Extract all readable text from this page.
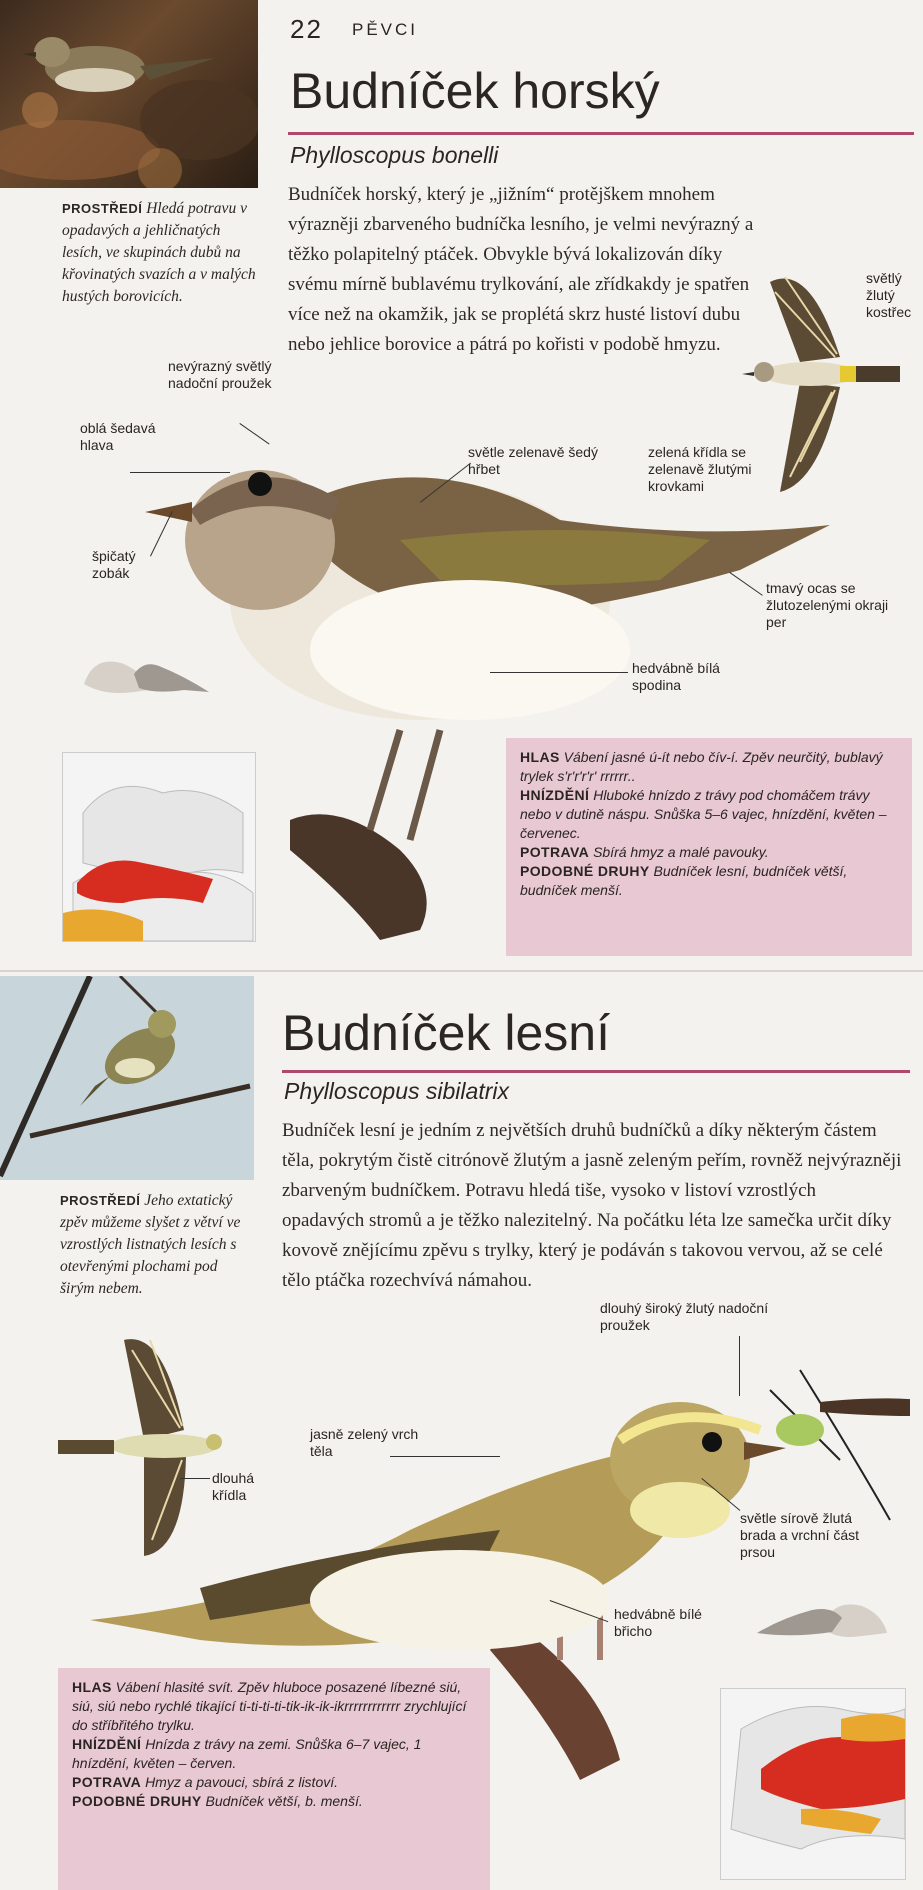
22 PĚVCI
Budníček horský
Phylloscopus bonelli
PROSTŘEDÍ Hledá potravu v opadavých a jehličnatých lesích, ve skupinách dubů na křovinatých svazích a v malých hustých borovicích.
Budníček horský, který je „jižním“ protějškem mnohem výrazněji zbarveného budníčka lesního, je velmi nevýrazný a těžko polapitelný ptáček. Obvykle bývá lokalizován díky svému mírně bublavému trylkování, ale zřídkakdy je spatřen více než na okamžik, jak se proplétá skrz husté listoví dubu nebo jehlice borovice a pátrá po kořisti v podobě hmyzu.
nevýrazný světlý nadoční proužek
oblá šedavá hlava
špičatý zobák
světle zelenavě šedý hřbet
zelená křídla se zelenavě žlutými krovkami
světlý žlutý kostřec
tmavý ocas se žlutozelenými okraji per
hedvábně bílá spodina

HLAS Vábení jasné ú-ít nebo čív-í. Zpěv neurčitý, bublavý trylek s'r'r'r'r' rrrrrr..

HNÍZDĚNÍ Hluboké hnízdo z trávy pod chomáčem trávy nebo v dutině náspu. Snůška 5–6 vajec, hnízdění, květen – červenec.

POTRAVA Sbírá hmyz a malé pavouky.

PODOBNÉ DRUHY Budníček lesní, budníček větší, budníček menší.

Budníček lesní
Phylloscopus sibilatrix
PROSTŘEDÍ Jeho extatický zpěv můžeme slyšet z větví ve vzrostlých listnatých lesích s otevřenými plochami pod širým nebem.
Budníček lesní je jedním z největších druhů budníčků a díky některým částem těla, pokrytým čistě citrónově žlutým a jasně zeleným peřím, rovněž nejvýrazněji zbarveným budníčkem. Potravu hledá tiše, vysoko v listoví vzrostlých opadavých stromů a je těžko nalezitelný. Na počátku léta lze samečka určit díky kovově znějícímu zpěvu s trylky, který je podáván s takovou vervou, až se celé tělo ptáčka rozechvívá námahou.
dlouhý široký žlutý nadoční proužek
jasně zelený vrch těla
dlouhá křídla
světle sírově žlutá brada a vrchní část prsou
hedvábně bílé břicho

HLAS Vábení hlasité svít. Zpěv hluboce posazené líbezné siú, siú, siú nebo rychlé tikající ti-ti-ti-ti-tik-ik-ik-ikrrrrrrrrrrrr zrychlující do stříbřitého trylku.

HNÍZDĚNÍ Hnízda z trávy na zemi. Snůška 6–7 vajec, 1 hnízdění, květen – červen.

POTRAVA Hmyz a pavouci, sbírá z listoví.

PODOBNÉ DRUHY Budníček větší, b. menší.
